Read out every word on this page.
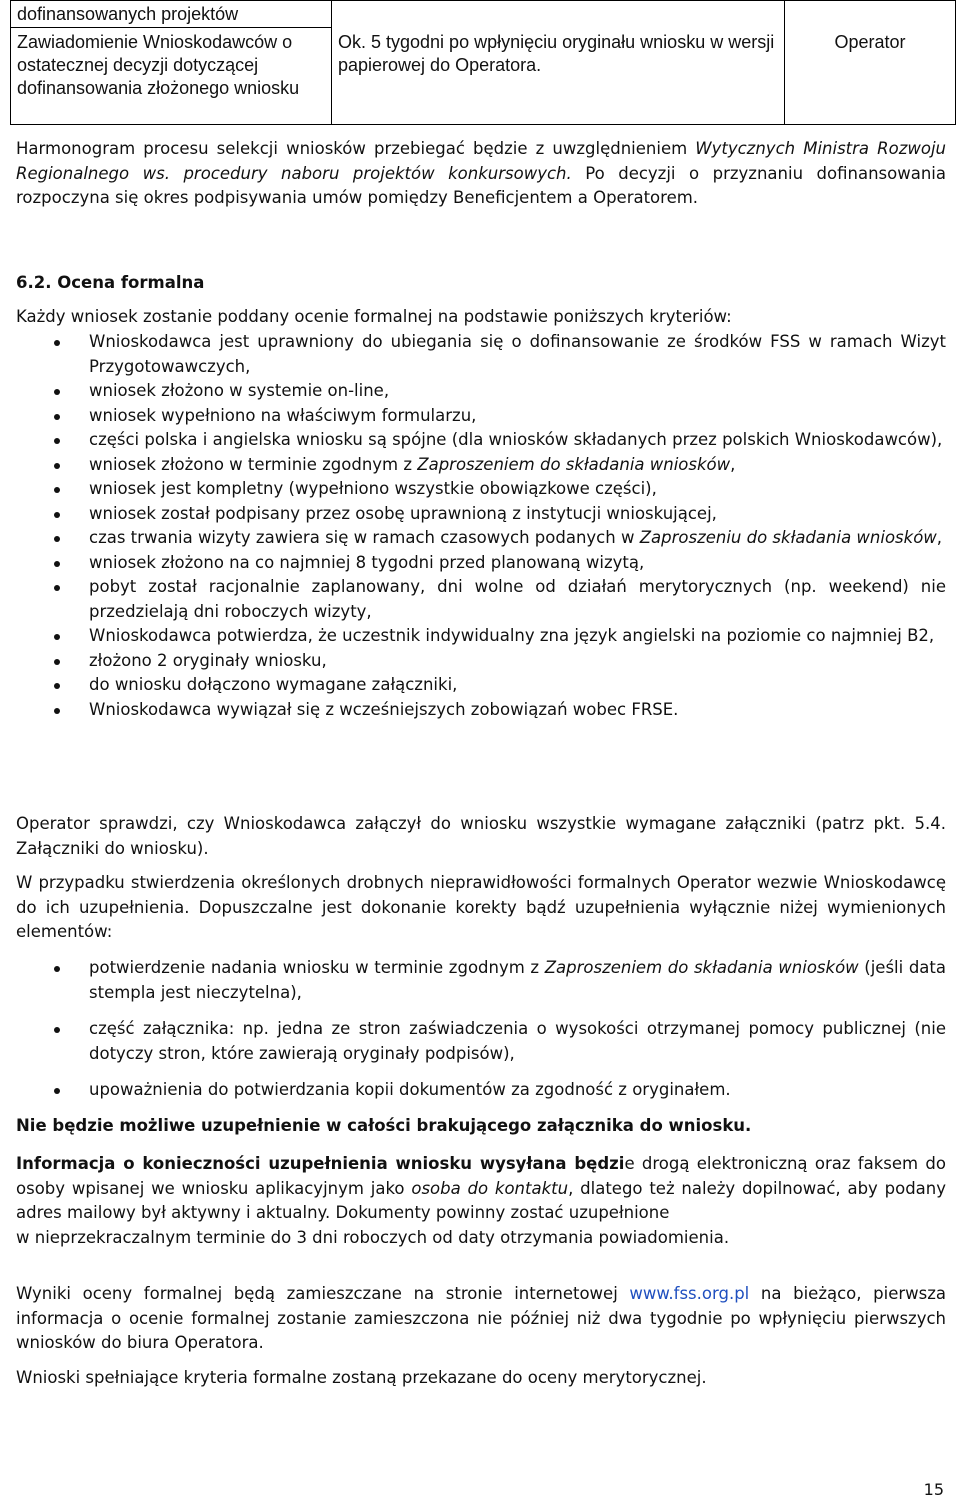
dofinansowanych projektów		
Zawiadomienie Wnioskodawców o ostatecznej decyzji dotyczącej dofinansowania złożonego wniosku	Ok. 5 tygodni po wpłynięciu oryginału wniosku w wersji papierowej do Operatora.	Operator
Harmonogram procesu selekcji wniosków przebiegać będzie z uwzględnieniem Wytycznych Ministra Rozwoju Regionalnego ws. procedury naboru projektów konkursowych. Po decyzji o przyznaniu dofinansowania rozpoczyna się okres podpisywania umów pomiędzy Beneficjentem a Operatorem.
6.2. Ocena formalna
Każdy wniosek zostanie poddany ocenie formalnej na podstawie poniższych kryteriów:
Wnioskodawca jest uprawniony do ubiegania się o dofinansowanie ze środków FSS w ramach Wizyt Przygotowawczych,
wniosek złożono w systemie on-line,
wniosek wypełniono na właściwym formularzu,
części polska i angielska wniosku są spójne (dla wniosków składanych przez polskich Wnioskodawców),
wniosek złożono w terminie zgodnym z Zaproszeniem do składania wniosków,
wniosek jest kompletny (wypełniono wszystkie obowiązkowe części),
wniosek został podpisany przez osobę uprawnioną z instytucji wnioskującej,
czas trwania wizyty zawiera się w ramach czasowych podanych w Zaproszeniu do składania wniosków,
wniosek złożono na co najmniej 8 tygodni przed planowaną wizytą,
pobyt został racjonalnie zaplanowany, dni wolne od działań merytorycznych (np. weekend) nie przedzielają dni roboczych wizyty,
Wnioskodawca potwierdza, że uczestnik indywidualny zna język angielski na poziomie co najmniej B2,
złożono 2 oryginały wniosku,
do wniosku dołączono wymagane załączniki,
Wnioskodawca wywiązał się z wcześniejszych zobowiązań wobec FRSE.
Operator sprawdzi, czy Wnioskodawca załączył do wniosku wszystkie wymagane załączniki (patrz pkt. 5.4. Załączniki do wniosku).
W przypadku stwierdzenia określonych drobnych nieprawidłowości formalnych Operator wezwie Wnioskodawcę do ich uzupełnienia. Dopuszczalne jest dokonanie korekty bądź uzupełnienia wyłącznie niżej wymienionych elementów:
potwierdzenie nadania wniosku w terminie zgodnym z Zaproszeniem do składania wniosków (jeśli data stempla jest nieczytelna),
część załącznika: np. jedna ze stron zaświadczenia o wysokości otrzymanej pomocy publicznej (nie dotyczy stron, które zawierają oryginały podpisów),
upoważnienia do potwierdzania kopii dokumentów za zgodność z oryginałem.
Nie będzie możliwe uzupełnienie w całości brakującego załącznika do wniosku.
Informacja o konieczności uzupełnienia wniosku wysyłana będzie drogą elektroniczną oraz faksem do osoby wpisanej we wniosku aplikacyjnym jako osoba do kontaktu, dlatego też należy dopilnować, aby podany adres mailowy był aktywny i aktualny. Dokumenty powinny zostać uzupełnione
w nieprzekraczalnym terminie do 3 dni roboczych od daty otrzymania powiadomienia.
Wyniki oceny formalnej będą zamieszczane na stronie internetowej www.fss.org.pl na bieżąco, pierwsza informacja o ocenie formalnej zostanie zamieszczona nie później niż dwa tygodnie po wpłynięciu pierwszych wniosków do biura Operatora.
Wnioski spełniające kryteria formalne zostaną przekazane do oceny merytorycznej.
15
